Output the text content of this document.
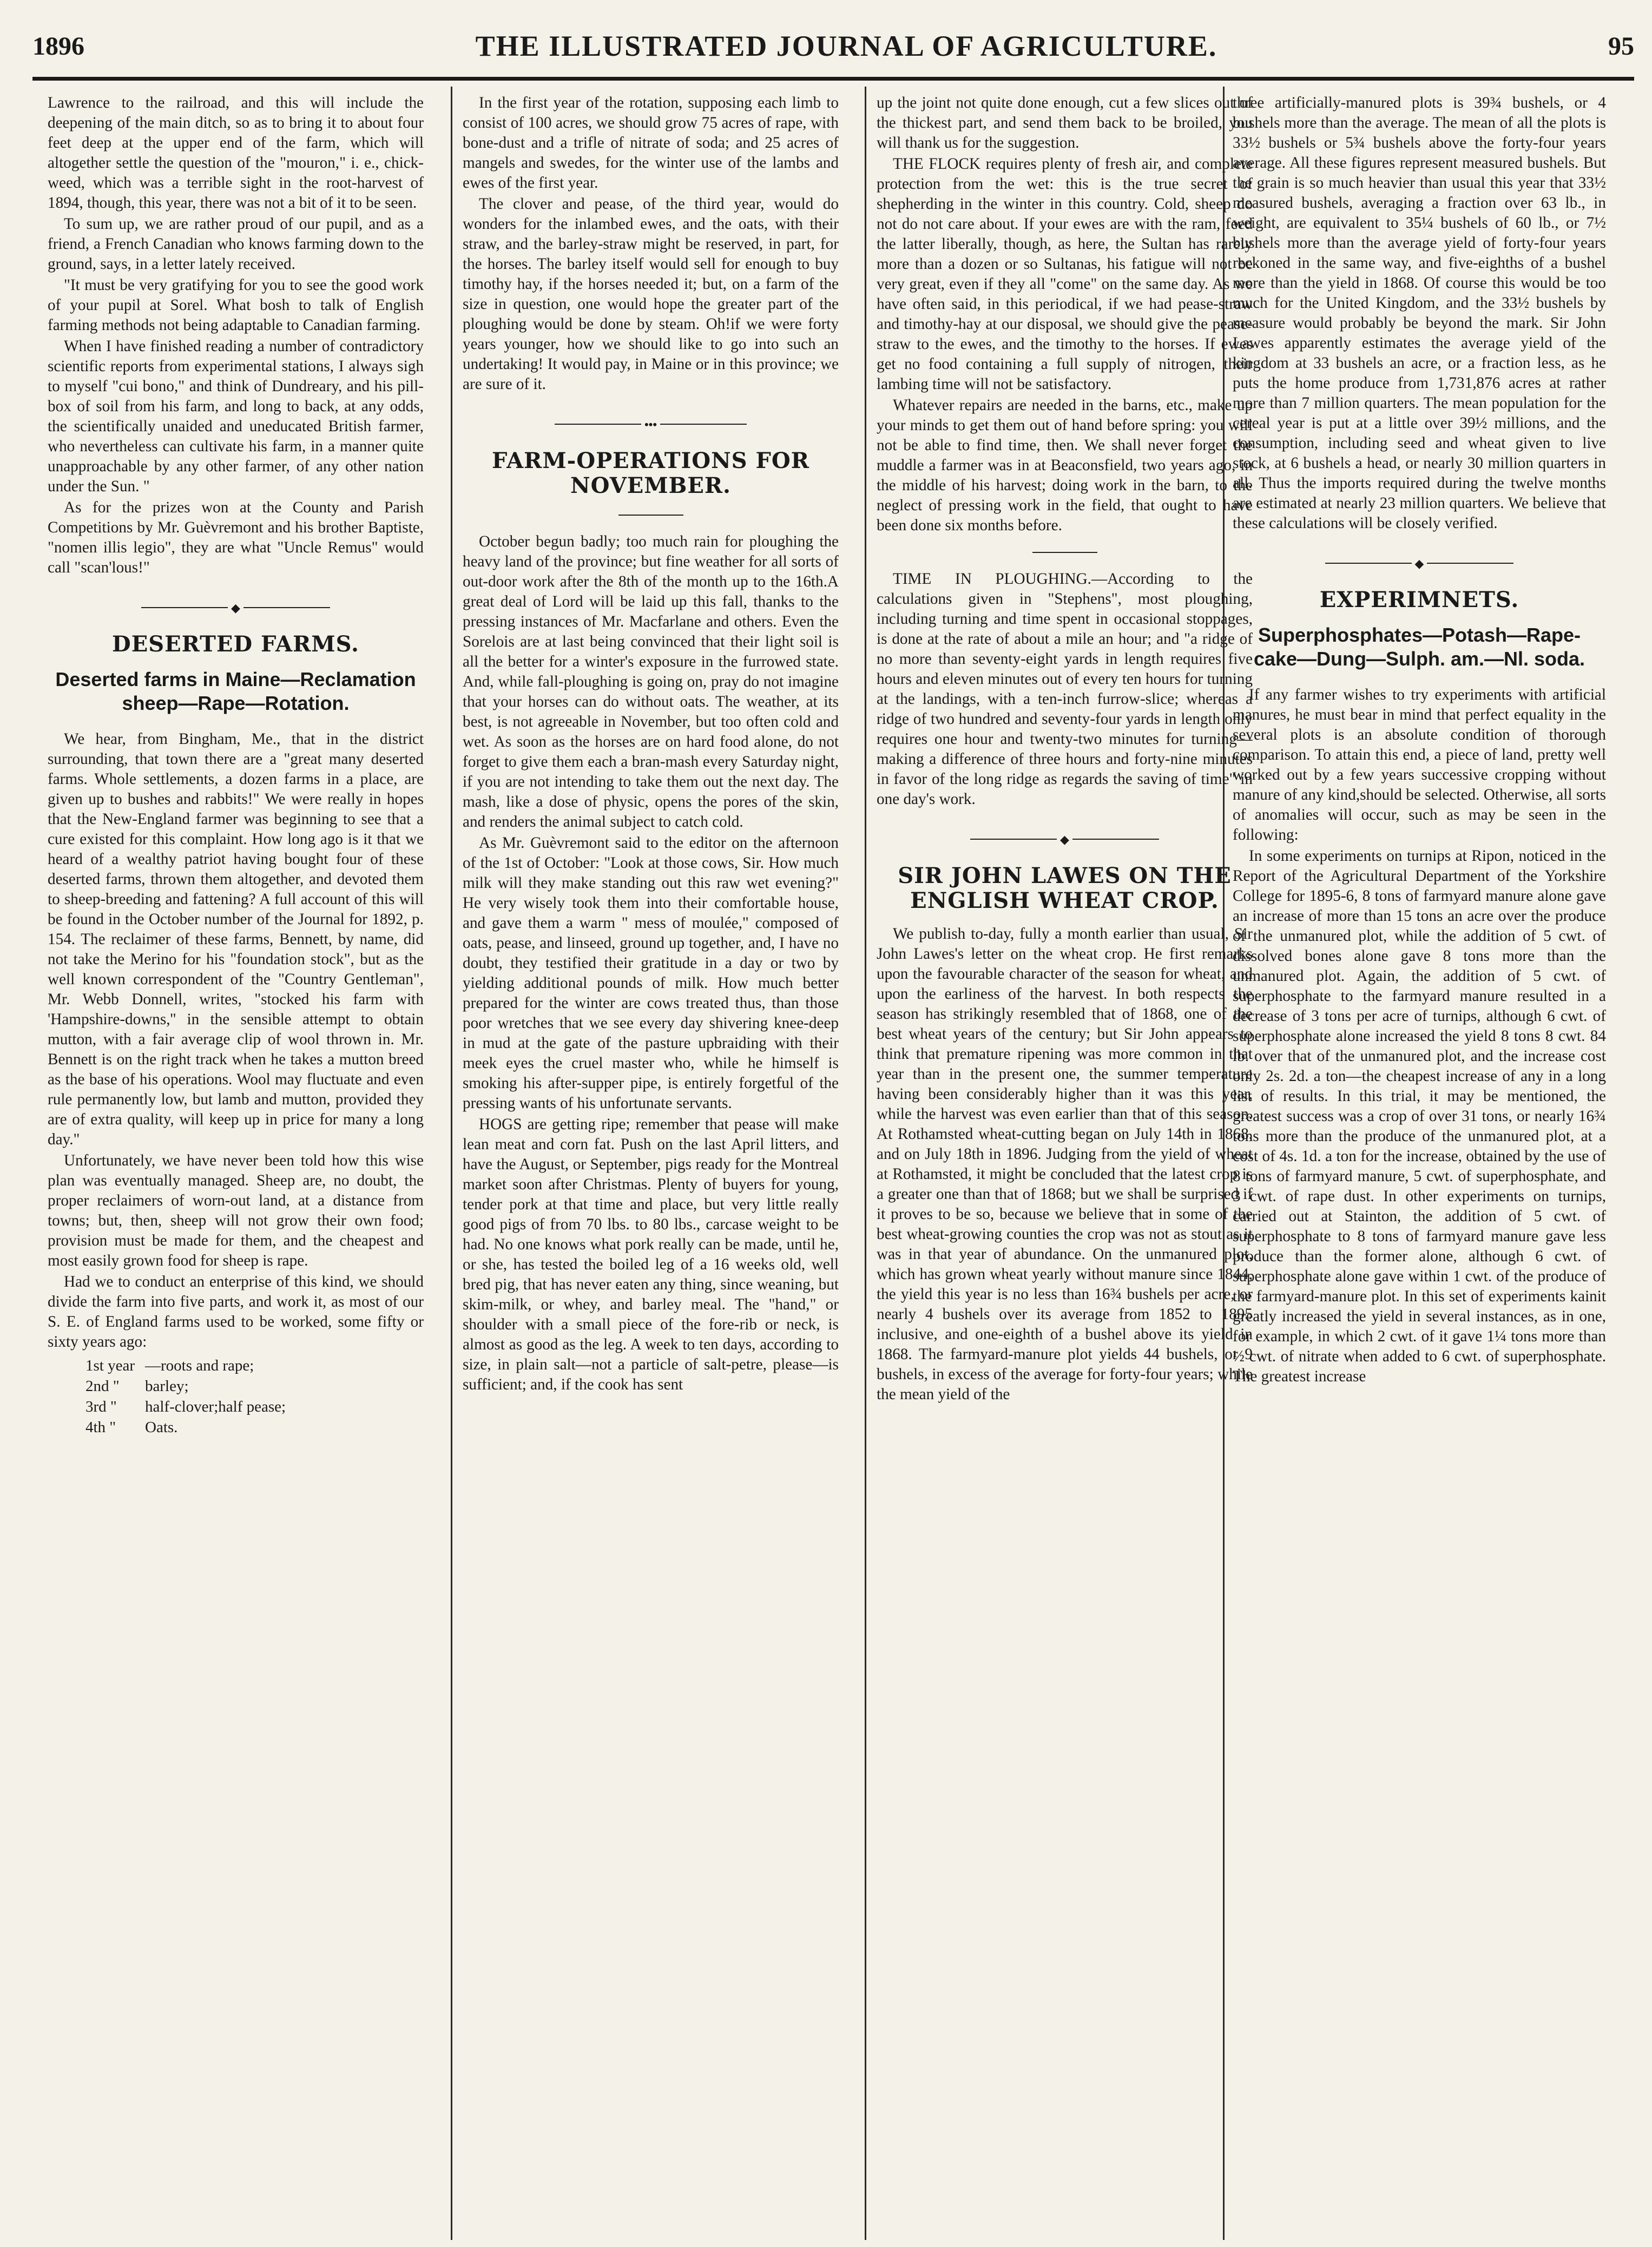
1896	THE ILLUSTRATED JOURNAL OF AGRICULTURE.	95

Lawrence to the railroad, and this will include the deepening of the main ditch, so as to bring it to about four feet deep at the upper end of the farm, which will altogether settle the question of the "mouron," i. e., chick-weed, which was a terrible sight in the root-harvest of 1894, though, this year, there was not a bit of it to be seen.

To sum up, we are rather proud of our pupil, and as a friend, a French Canadian who knows farming down to the ground, says, in a letter lately received.

"It must be very gratifying for you to see the good work of your pupil at Sorel. What bosh to talk of English farming methods not being adaptable to Canadian farming.

When I have finished reading a number of contradictory scientific reports from experimental stations, I always sigh to myself "cui bono," and think of Dundreary, and his pill-box of soil from his farm, and long to back, at any odds, the scientifically unaided and uneducated British farmer, who nevertheless can cultivate his farm, in a manner quite unapproachable by any other farmer, of any other nation under the Sun. "

As for the prizes won at the County and Parish Competitions by Mr. Guèvremont and his brother Baptiste, "nomen illis legio", they are what "Uncle Remus" would call "scan'lous!"

◆
DESERTED FARMS.
Deserted farms in Maine—Reclamation sheep—Rape—Rotation.

We hear, from Bingham, Me., that in the district surrounding, that town there are a "great many deserted farms. Whole settlements, a dozen farms in a place, are given up to bushes and rabbits!" We were really in hopes that the New-England farmer was beginning to see that a cure existed for this complaint. How long ago is it that we heard of a wealthy patriot having bought four of these deserted farms, thrown them altogether, and devoted them to sheep-breeding and fattening? A full account of this will be found in the October number of the Journal for 1892, p. 154. The reclaimer of these farms, Bennett, by name, did not take the Merino for his "foundation stock", but as the well known correspondent of the "Country Gentleman", Mr. Webb Donnell, writes, "stocked his farm with 'Hampshire-downs,'' in the sensible attempt to obtain mutton, with a fair average clip of wool thrown in. Mr. Bennett is on the right track when he takes a mutton breed as the base of his operations. Wool may fluctuate and even rule permanently low, but lamb and mutton, provided they are of extra quality, will keep up in price for many a long day."

Unfortunately, we have never been told how this wise plan was eventually managed. Sheep are, no doubt, the proper reclaimers of worn-out land, at a distance from towns; but, then, sheep will not grow their own food; provision must be made for them, and the cheapest and most easily grown food for sheep is rape.

Had we to conduct an enterprise of this kind, we should divide the farm into five parts, and work it, as most of our S. E. of England farms used to be worked, some fifty or sixty years ago:

1st year —roots and rape;
2nd "	barley;
3rd "	half-clover;half pease;
4th "	Oats.

In the first year of the rotation, supposing each limb to consist of 100 acres, we should grow 75 acres of rape, with bone-dust and a trifle of nitrate of soda; and 25 acres of mangels and swedes, for the winter use of the lambs and ewes of the first year.

The clover and pease, of the third year, would do wonders for the inlambed ewes, and the oats, with their straw, and the barley-straw might be reserved, in part, for the horses. The barley itself would sell for enough to buy timothy hay, if the horses needed it; but, on a farm of the size in question, one would hope the greater part of the ploughing would be done by steam. Oh!if we were forty years younger, how we should like to go into such an undertaking! It would pay, in Maine or in this province; we are sure of it.

•••
FARM-OPERATIONS FOR NOVEMBER.

October begun badly; too much rain for ploughing the heavy land of the province; but fine weather for all sorts of out-door work after the 8th of the month up to the 16th.A great deal of Lord will be laid up this fall, thanks to the pressing instances of Mr. Macfarlane and others. Even the Sorelois are at last being convinced that their light soil is all the better for a winter's exposure in the furrowed state. And, while fall-ploughing is going on, pray do not imagine that your horses can do without oats. The weather, at its best, is not agreeable in November, but too often cold and wet. As soon as the horses are on hard food alone, do not forget to give them each a bran-mash every Saturday night, if you are not intending to take them out the next day. The mash, like a dose of physic, opens the pores of the skin, and renders the animal subject to catch cold.

As Mr. Guèvremont said to the editor on the afternoon of the 1st of October: "Look at those cows, Sir. How much milk will they make standing out this raw wet evening?" He very wisely took them into their comfortable house, and gave them a warm " mess of moulée," composed of oats, pease, and linseed, ground up together, and, I have no doubt, they testified their gratitude in a day or two by yielding additional pounds of milk. How much better prepared for the winter are cows treated thus, than those poor wretches that we see every day shivering knee-deep in mud at the gate of the pasture upbraiding with their meek eyes the cruel master who, while he himself is smoking his after-supper pipe, is entirely forgetful of the pressing wants of his unfortunate servants.

HOGS are getting ripe; remember that pease will make lean meat and corn fat. Push on the last April litters, and have the August, or September, pigs ready for the Montreal market soon after Christmas. Plenty of buyers for young, tender pork at that time and place, but very little really good pigs of from 70 lbs. to 80 lbs., carcase weight to be had. No one knows what pork really can be made, until he, or she, has tested the boiled leg of a 16 weeks old, well bred pig, that has never eaten any thing, since weaning, but skim-milk, or whey, and barley meal. The "hand," or shoulder with a small piece of the fore-rib or neck, is almost as good as the leg. A week to ten days, according to size, in plain salt—not a particle of salt-petre, please—is sufficient; and, if the cook has sent

up the joint not quite done enough, cut a few slices out of the thickest part, and send them back to be broiled, you will thank us for the suggestion.

THE FLOCK requires plenty of fresh air, and complete protection from the wet: this is the true secret of shepherding in the winter in this country. Cold, sheep do not do not care about. If your ewes are with the ram, feed the latter liberally, though, as here, the Sultan has rarely more than a dozen or so Sultanas, his fatigue will not be very great, even if they all "come" on the same day. As we have often said, in this periodical, if we had pease-straw and timothy-hay at our disposal, we should give the pease-straw to the ewes, and the timothy to the horses. If ewes get no food containing a full supply of nitrogen, their lambing time will not be satisfactory.

Whatever repairs are needed in the barns, etc., make up your minds to get them out of hand before spring: you will not be able to find time, then. We shall never forget the muddle a farmer was in at Beaconsfield, two years ago, in the middle of his harvest; doing work in the barn, to the neglect of pressing work in the field, that ought to have been done six months before.

TIME IN PLOUGHING.—According to the calculations given in "Stephens", most ploughing, including turning and time spent in occasional stoppages, is done at the rate of about a mile an hour; and "a ridge of no more than seventy-eight yards in length requires five hours and eleven minutes out of every ten hours for turning at the landings, with a ten-inch furrow-slice; whereas a ridge of two hundred and seventy-four yards in length only requires one hour and twenty-two minutes for turning—making a difference of three hours and forty-nine minutes in favor of the long ridge as regards the saving of time" in one day's work.

◆
SIR JOHN LAWES ON THE ENGLISH WHEAT CROP.

We publish to-day, fully a month earlier than usual, Sir John Lawes's letter on the wheat crop. He first remarks upon the favourable character of the season for wheat, and upon the earliness of the harvest. In both respects the season has strikingly resembled that of 1868, one of the best wheat years of the century; but Sir John appears to think that premature ripening was more common in that year than in the present one, the summer temperature having been considerably higher than it was this year, while the harvest was even earlier than that of this season. At Rothamsted wheat-cutting began on July 14th in 1868, and on July 18th in 1896. Judging from the yield of wheat at Rothamsted, it might be concluded that the latest crop is a greater one than that of 1868; but we shall be surprised if it proves to be so, because we believe that in some of the best wheat-growing counties the crop was not as stout as it was in that year of abundance. On the unmanured plot, which has grown wheat yearly without manure since 1844, the yield this year is no less than 16¾ bushels per acre, or nearly 4 bushels over its average from 1852 to 1895 inclusive, and one-eighth of a bushel above its yield in 1868. The farmyard-manure plot yields 44 bushels, or 9 bushels, in excess of the average for forty-four years; while the mean yield of the

three artificially-manured plots is 39¾ bushels, or 4 bushels more than the average. The mean of all the plots is 33½ bushels or 5¾ bushels above the forty-four years average. All these figures represent measured bushels. But the grain is so much heavier than usual this year that 33½ measured bushels, averaging a fraction over 63 lb., in weight, are equivalent to 35¼ bushels of 60 lb., or 7½ bushels more than the average yield of forty-four years reckoned in the same way, and five-eighths of a bushel more than the yield in 1868. Of course this would be too much for the United Kingdom, and the 33½ bushels by measure would probably be beyond the mark. Sir John Lawes apparently estimates the average yield of the kingdom at 33 bushels an acre, or a fraction less, as he puts the home produce from 1,731,876 acres at rather more than 7 million quarters. The mean population for the cereal year is put at a little over 39½ millions, and the consumption, including seed and wheat given to live stock, at 6 bushels a head, or nearly 30 million quarters in all. Thus the imports required during the twelve months are estimated at nearly 23 million quarters. We believe that these calculations will be closely verified.

◆
EXPERIMNETS.
Superphosphates—Potash—Rape-cake—Dung—Sulph. am.—Nl. soda.

If any farmer wishes to try experiments with artificial manures, he must bear in mind that perfect equality in the several plots is an absolute condition of thorough comparison. To attain this end, a piece of land, pretty well worked out by a few years successive cropping without manure of any kind,should be selected. Otherwise, all sorts of anomalies will occur, such as may be seen in the following:

In some experiments on turnips at Ripon, noticed in the Report of the Agricultural Department of the Yorkshire College for 1895-6, 8 tons of farmyard manure alone gave an increase of more than 15 tons an acre over the produce of the unmanured plot, while the addition of 5 cwt. of dissolved bones alone gave 8 tons more than the unmanured plot. Again, the addition of 5 cwt. of superphosphate to the farmyard manure resulted in a decrease of 3 tons per acre of turnips, although 6 cwt. of superphosphate alone increased the yield 8 tons 8 cwt. 84 lb. over that of the unmanured plot, and the increase cost only 2s. 2d. a ton—the cheapest increase of any in a long list of results. In this trial, it may be mentioned, the greatest success was a crop of over 31 tons, or nearly 16¾ tons more than the produce of the unmanured plot, at a cost of 4s. 1d. a ton for the increase, obtained by the use of 8 tons of farmyard manure, 5 cwt. of superphosphate, and 3 cwt. of rape dust. In other experiments on turnips, carried out at Stainton, the addition of 5 cwt. of superphosphate to 8 tons of farmyard manure gave less produce than the former alone, although 6 cwt. of superphosphate alone gave within 1 cwt. of the produce of the farmyard-manure plot. In this set of experiments kainit greatly increased the yield in several instances, as in one, for example, in which 2 cwt. of it gave 1¼ tons more than ½ cwt. of nitrate when added to 6 cwt. of superphosphate. The greatest increase
